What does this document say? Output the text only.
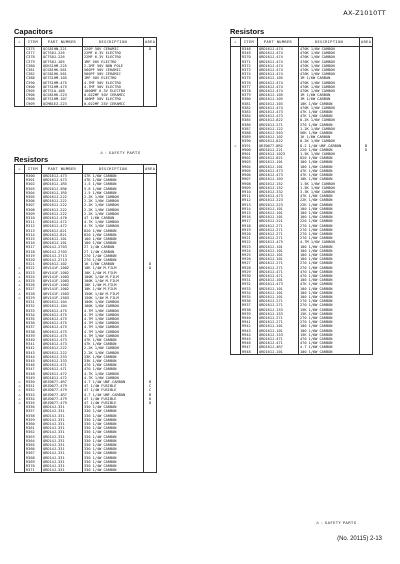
AX-Z1010TT
Capacitors
⚠	ITEM	PART NUMBER	DESCRIPTION	AREA
	C375	QCS81HN-221	220P 50V CERAMIC	D
	C377	QCTS0J-226	22MF 6.3V ELECTRO	
	C378	QCTS0J-226	22MF 6.3V ELECTRO	
	C379	QETS0J-105	1MF 50V ELECTRO	
	C380	QEKS1HM-225	2.2MF 50V NON POLE	
	C381	QCS81HK-561	560PF 50V CERAMIC	
	C382	QCS81HK-561	560PF 50V CERAMIC	
	C388	QETS1HM-105	1MF 50V ELECTRO	
	C390	QETS1HM-475	4.7MF 50V ELECTRO	
	C900	QETS1HM-475	4.7MF 50V ELECTRO	
	C905	QETS1A-108	1000MF 6.3V ELECTRO	
	C906	QCS81HK-223	0.022MF 50V CERAMIC	
	C908	QETS1HM-107	100MF 50V ELECTRO	
	C909	QCM81EZ-223	0.022MF 25V CERAMIC	
⚠ : SAFETY PARTS
Resistors
⚠	ITEM	PART NUMBER	DESCRIPTION	AREA
	R300	QRD161J-473	47K 1/6W CARBON	
	R301	QRD161J-473	47K 1/6W CARBON	
	R302	QRD161J-1R5	1.5 1/6W CARBON	
	R303	QRD161J-5R6	5.6 1/6W CARBON	
	R304	QRD161J-1R5	1.5 1/6W CARBON	
	R305	QRD161J-222	2.2K 1/6W CARBON	
	R306	QRD161J-222	2.2K 1/6W CARBON	
	R307	QRD161J-222	2.2K 1/6W CARBON	
	R308	QRD161J-222	2.2K 1/6W CARBON	
	R309	QRD161J-222	2.2K 1/6W CARBON	
	R310	QRD161J-470	47 1/6W CARBON	
	R311	QRD161J-472	4.7K 1/6W CARBON	
	R312	QRD161J-472	4.7K 1/6W CARBON	
	R313	QRD161J-821	820 1/6W CARBON	
	R314	QRD161J-821	820 1/6W CARBON	
	R315	QRD161J-101	100 1/6W CARBON	
	R316	QRD161J-101	100 1/6W CARBON	
	R317	QRD14J-2703	27 1/4W CARBON	
	R318	QRD14J-2703	27 1/4W CARBON	
	R319	QRD14J-2713	270 1/4W CARBON	
	R320	QRD14J-2713	270 1/4W CARBON	
	R321	QRD161J-102	1K 1/6W CARBON	D
⚠	R322	QRV141F-1002	10K 1/4W M.FILM	D
⚠	R323	QRV141F-1002	10K 1/4W M.FILM	
⚠	R324	QRV141F-1003	100K 1/4W M.FILM	
⚠	R325	QRV141F-1003	100K 1/4W M.FILM	
⚠	R326	QRV141F-1002	10K 1/4W M.FILM	
⚠	R327	QRV141F-1002	10K 1/4W M.FILM	
⚠	R328	QRV141F-1503	150K 1/4W M.FILM	
⚠	R329	QRV141F-1503	150K 1/4W M.FILM	
	R331	QRD161J-104	100K 1/6W CARBON	
	R332	QRD161J-104	100K 1/6W CARBON	
	R333	QRD161J-475	4.7M 1/6W CARBON	
	R334	QRD161J-475	4.7M 1/6W CARBON	
	R335	QRD161J-475	4.7M 1/6W CARBON	
	R336	QRD161J-475	4.7M 1/6W CARBON	
	R337	QRD161J-475	4.7M 1/6W CARBON	
	R338	QRD161J-475	4.7M 1/6W CARBON	
	R339	QRD161J-475	4.7M 1/6W CARBON	
	R340	QRD161J-473	47K 1/6W CARBON	
	R341	QRD161J-473	47K 1/6W CARBON	
	R342	QRD161J-222	2.2K 1/6W CARBON	
	R343	QRD161J-222	2.2K 1/6W CARBON	
	R344	QRD161J-333	33K 1/6W CARBON	
	R345	QRD161J-333	33K 1/6W CARBON	
	R346	QRD161J-471	470 1/6W CARBON	
	R347	QRD161J-471	470 1/6W CARBON	
	R348	QRD161J-472	4.7K 1/6W CARBON	
	R349	QRD161J-472	4.7K 1/6W CARBON	
⚠	R350	QRZ0077-4R7	4.7 1/4W UNF.CARBON	B
⚠	R351	QRZ0077-479	47 1/4W FUSIBLE	C
⚠	R352	QRZ0077-479	47 1/4W FUSIBLE	C
⚠	R353	QRZ0077-4R7	4.7 1/4W UNF.CARBON	B
⚠	R354	QRZ0077-479	47 1/4W FUSIBLE	D
⚠	R355	QRZ0077-479	47 1/4W FUSIBLE	D
	R356	QRD14J-331	330 1/4W CARBON	
	R357	QRD14J-331	330 1/4W CARBON	
	R358	QRD14J-331	330 1/4W CARBON	
	R359	QRD14J-331	330 1/4W CARBON	
	R360	QRD14J-331	330 1/4W CARBON	
	R361	QRD14J-331	330 1/4W CARBON	
	R362	QRD14J-331	330 1/4W CARBON	
	R363	QRD14J-331	330 1/4W CARBON	
	R364	QRD14J-331	330 1/4W CARBON	
	R365	QRD14J-331	330 1/4W CARBON	
	R366	QRD14J-331	330 1/4W CARBON	
	R367	QRD14J-331	330 1/4W CARBON	
	R368	QRD14J-331	330 1/4W CARBON	
	R369	QRD14J-331	330 1/4W CARBON	
	R370	QRD14J-331	330 1/4W CARBON	
	R371	QRD14J-331	330 1/4W CARBON	
Resistors
⚠	ITEM	PART NUMBER	DESCRIPTION	AREA
	R348	QRD161J-474	470K 1/6W CARBON	
	R349	QRD161J-474	470K 1/6W CARBON	
	R370	QRD161J-474	470K 1/6W CARBON	
	R371	QRD161J-474	470K 1/6W CARBON	
	R372	QRD161J-474	470K 1/6W CARBON	
	R373	QRD161J-474	470K 1/6W CARBON	
	R374	QRD161J-474	470K 1/6W CARBON	
	R375	QRD161J-105	1M 1/6W CARBON	
	R376	QRD161J-474	470K 1/6W CARBON	
	R377	QRD161J-474	470K 1/6W CARBON	
	R378	QRD161J-474	470K 1/6W CARBON	
	R379	QRD161J-105	1M 1/6W CARBON	
	R380	QRD161J-105	1M 1/6W CARBON	
	R381	QRD161J-103	10K 1/6W CARBON	
	R382	QRD161J-474	470K 1/6W CARBON	
	R383	QRD161J-473	47K 1/6W CARBON	
	R384	QRD161J-473	47K 1/6W CARBON	
	R385	QRD161J-822	8.2K 1/6W CARBON	
	R386	QRD161J-271	270 1/6W CARBON	
	R387	QRD161J-122	1.2K 1/6W CARBON	
	R388	QRD161J-563	56K 1/6W CARBON	
	R389	QRD161J-102	1K 1/6W CARBON	
	R390	QRD161J-822	8.2K 1/6W CARBON	
⚠	R391	QRZ0077-8R2	8.2 1/4W UNF.CARBON	B
	R900	QRD161J-221	220 1/6W CARBON	D
	R901	QRD161J-1023	1.5K 1/6W CARBON	
	R902	QRD161J-821	820 1/6W CARBON	
	R903	QRD161J-101	100 1/6W CARBON	
	R904	QRD161J-101	100 1/6W CARBON	
	R905	QRD161J-473	47K 1/6W CARBON	
	R906	QRD161J-473	47K 1/6W CARBON	
	R907	QRD161J-103	10K 1/6W CARBON	
	R908	QRD161J-152	1.5K 1/6W CARBON	
	R909	QRD161J-152	1.5K 1/6W CARBON	
	R910	QRD161J-332	3.3K 1/6W CARBON	
	R911	QRD161J-473	47K 1/6W CARBON	
	R912	QRD161J-223	22K 1/6W CARBON	
	R913	QRD161J-223	22K 1/6W CARBON	
	R914	QRD161J-101	100 1/6W CARBON	
	R915	QRD161J-101	100 1/6W CARBON	
	R916	QRD161J-101	100 1/6W CARBON	
	R917	QRD161J-221	220 1/6W CARBON	
	R918	QRD161J-271	270 1/6W CARBON	
	R919	QRD161J-271	270 1/6W CARBON	
	R920	QRD161J-271	270 1/6W CARBON	
	R921	QRD161J-271	270 1/6W CARBON	
	R922	QRD161J-475	4.7M 1/6W CARBON	
	R923	QRD161J-101	100 1/6W CARBON	
	R924	QRD161J-101	100 1/6W CARBON	
	R925	QRD161J-101	100 1/6W CARBON	
	R926	QRD161J-101	100 1/6W CARBON	
	R927	QRD161J-271	270 1/6W CARBON	
	R928	QRD161J-271	270 1/6W CARBON	
	R929	QRD161J-471	470 1/6W CARBON	
	R930	QRD161J-471	470 1/6W CARBON	
	R931	QRD161J-101	100 1/6W CARBON	
	R932	QRD161J-473	47K 1/6W CARBON	
	R933	QRD161J-101	100 1/6W CARBON	
	R934	QRD161J-101	100 1/6W CARBON	
	R935	QRD161J-101	100 1/6W CARBON	
	R936	QRD161J-271	270 1/6W CARBON	
	R937	QRD161J-271	270 1/6W CARBON	
	R938	QRD161J-153	15K 1/6W CARBON	
	R939	QRD161J-153	15K 1/6W CARBON	
	R940	QRD161J-271	270 1/6W CARBON	
	R941	QRD161J-271	270 1/6W CARBON	
	R942	QRD161J-101	100 1/6W CARBON	
	R943	QRD161J-101	100 1/6W CARBON	
	R944	QRD161J-153	15K 1/6W CARBON	
	R945	QRD161J-471	470 1/6W CARBON	
	R946	QRD161J-471	470 1/6W CARBON	
	R947	QRD161J-4R7	4.7 1/6W CARBON	
	R948	QRD161J-101	100 1/6W CARBON	
⚠ : SAFETY PARTS
(No. 20115) 2-13
